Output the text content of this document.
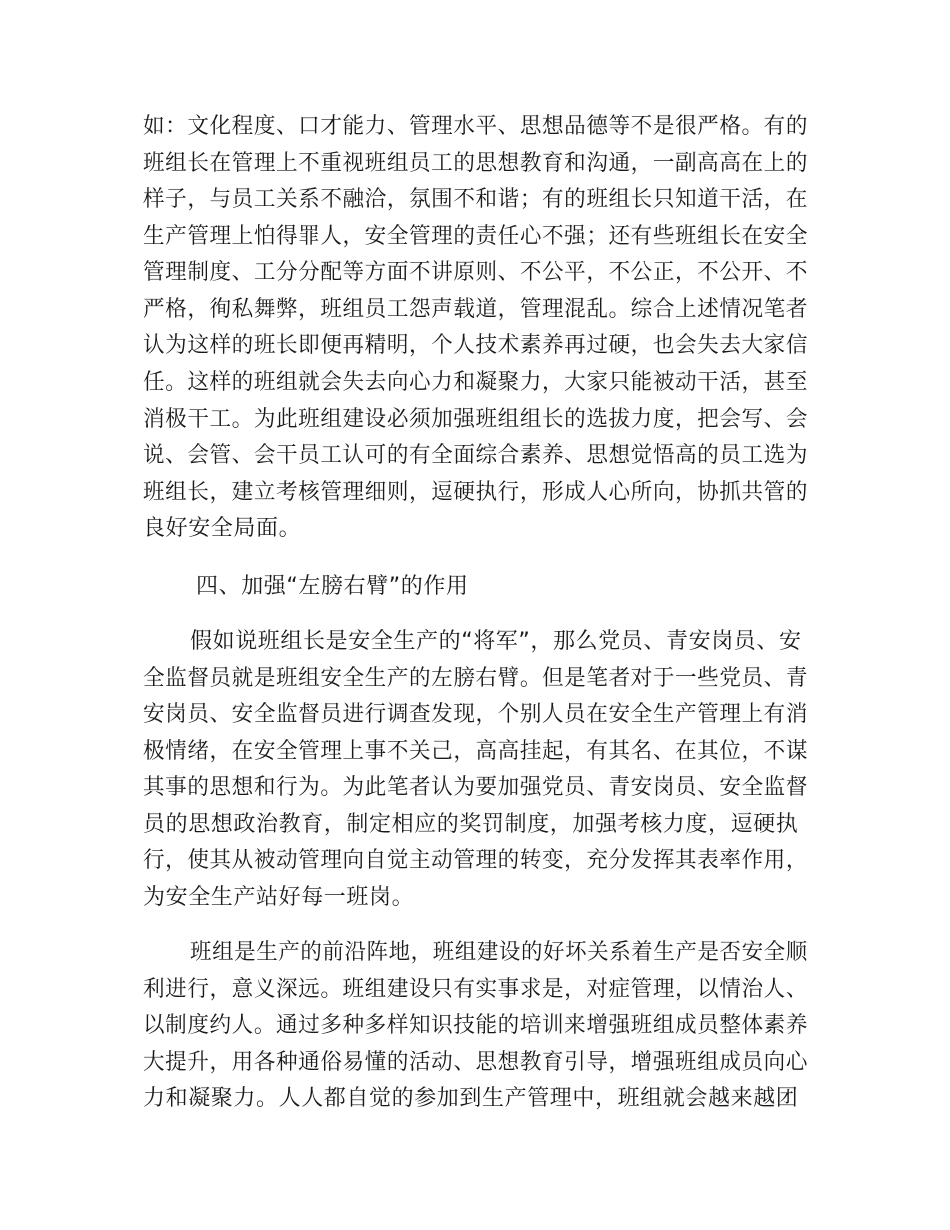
如：文化程度、口才能力、管理水平、思想品德等不是很严格。有的
班组长在管理上不重视班组员工的思想教育和沟通，一副高高在上的
样子，与员工关系不融洽，氛围不和谐；有的班组长只知道干活，在
生产管理上怕得罪人，安全管理的责任心不强；还有些班组长在安全
管理制度、工分分配等方面不讲原则、不公平，不公正，不公开、不
严格，徇私舞弊，班组员工怨声载道，管理混乱。综合上述情况笔者
认为这样的班长即便再精明，个人技术素养再过硬，也会失去大家信
任。这样的班组就会失去向心力和凝聚力，大家只能被动干活，甚至
消极干工。为此班组建设必须加强班组组长的选拔力度，把会写、会
说、会管、会干员工认可的有全面综合素养、思想觉悟高的员工选为
班组长，建立考核管理细则，逗硬执行，形成人心所向，协抓共管的
良好安全局面。
四、加强“左膀右臂”的作用
假如说班组长是安全生产的“将军”，那么党员、青安岗员、安
全监督员就是班组安全生产的左膀右臂。但是笔者对于一些党员、青
安岗员、安全监督员进行调查发现，个别人员在安全生产管理上有消
极情绪，在安全管理上事不关己，高高挂起，有其名、在其位，不谋
其事的思想和行为。为此笔者认为要加强党员、青安岗员、安全监督
员的思想政治教育，制定相应的奖罚制度，加强考核力度，逗硬执
行，使其从被动管理向自觉主动管理的转变，充分发挥其表率作用，
为安全生产站好每一班岗。
班组是生产的前沿阵地，班组建设的好坏关系着生产是否安全顺
利进行，意义深远。班组建设只有实事求是，对症管理，以情治人、
以制度约人。通过多种多样知识技能的培训来增强班组成员整体素养
大提升，用各种通俗易懂的活动、思想教育引导，增强班组成员向心
力和凝聚力。人人都自觉的参加到生产管理中，班组就会越来越团
